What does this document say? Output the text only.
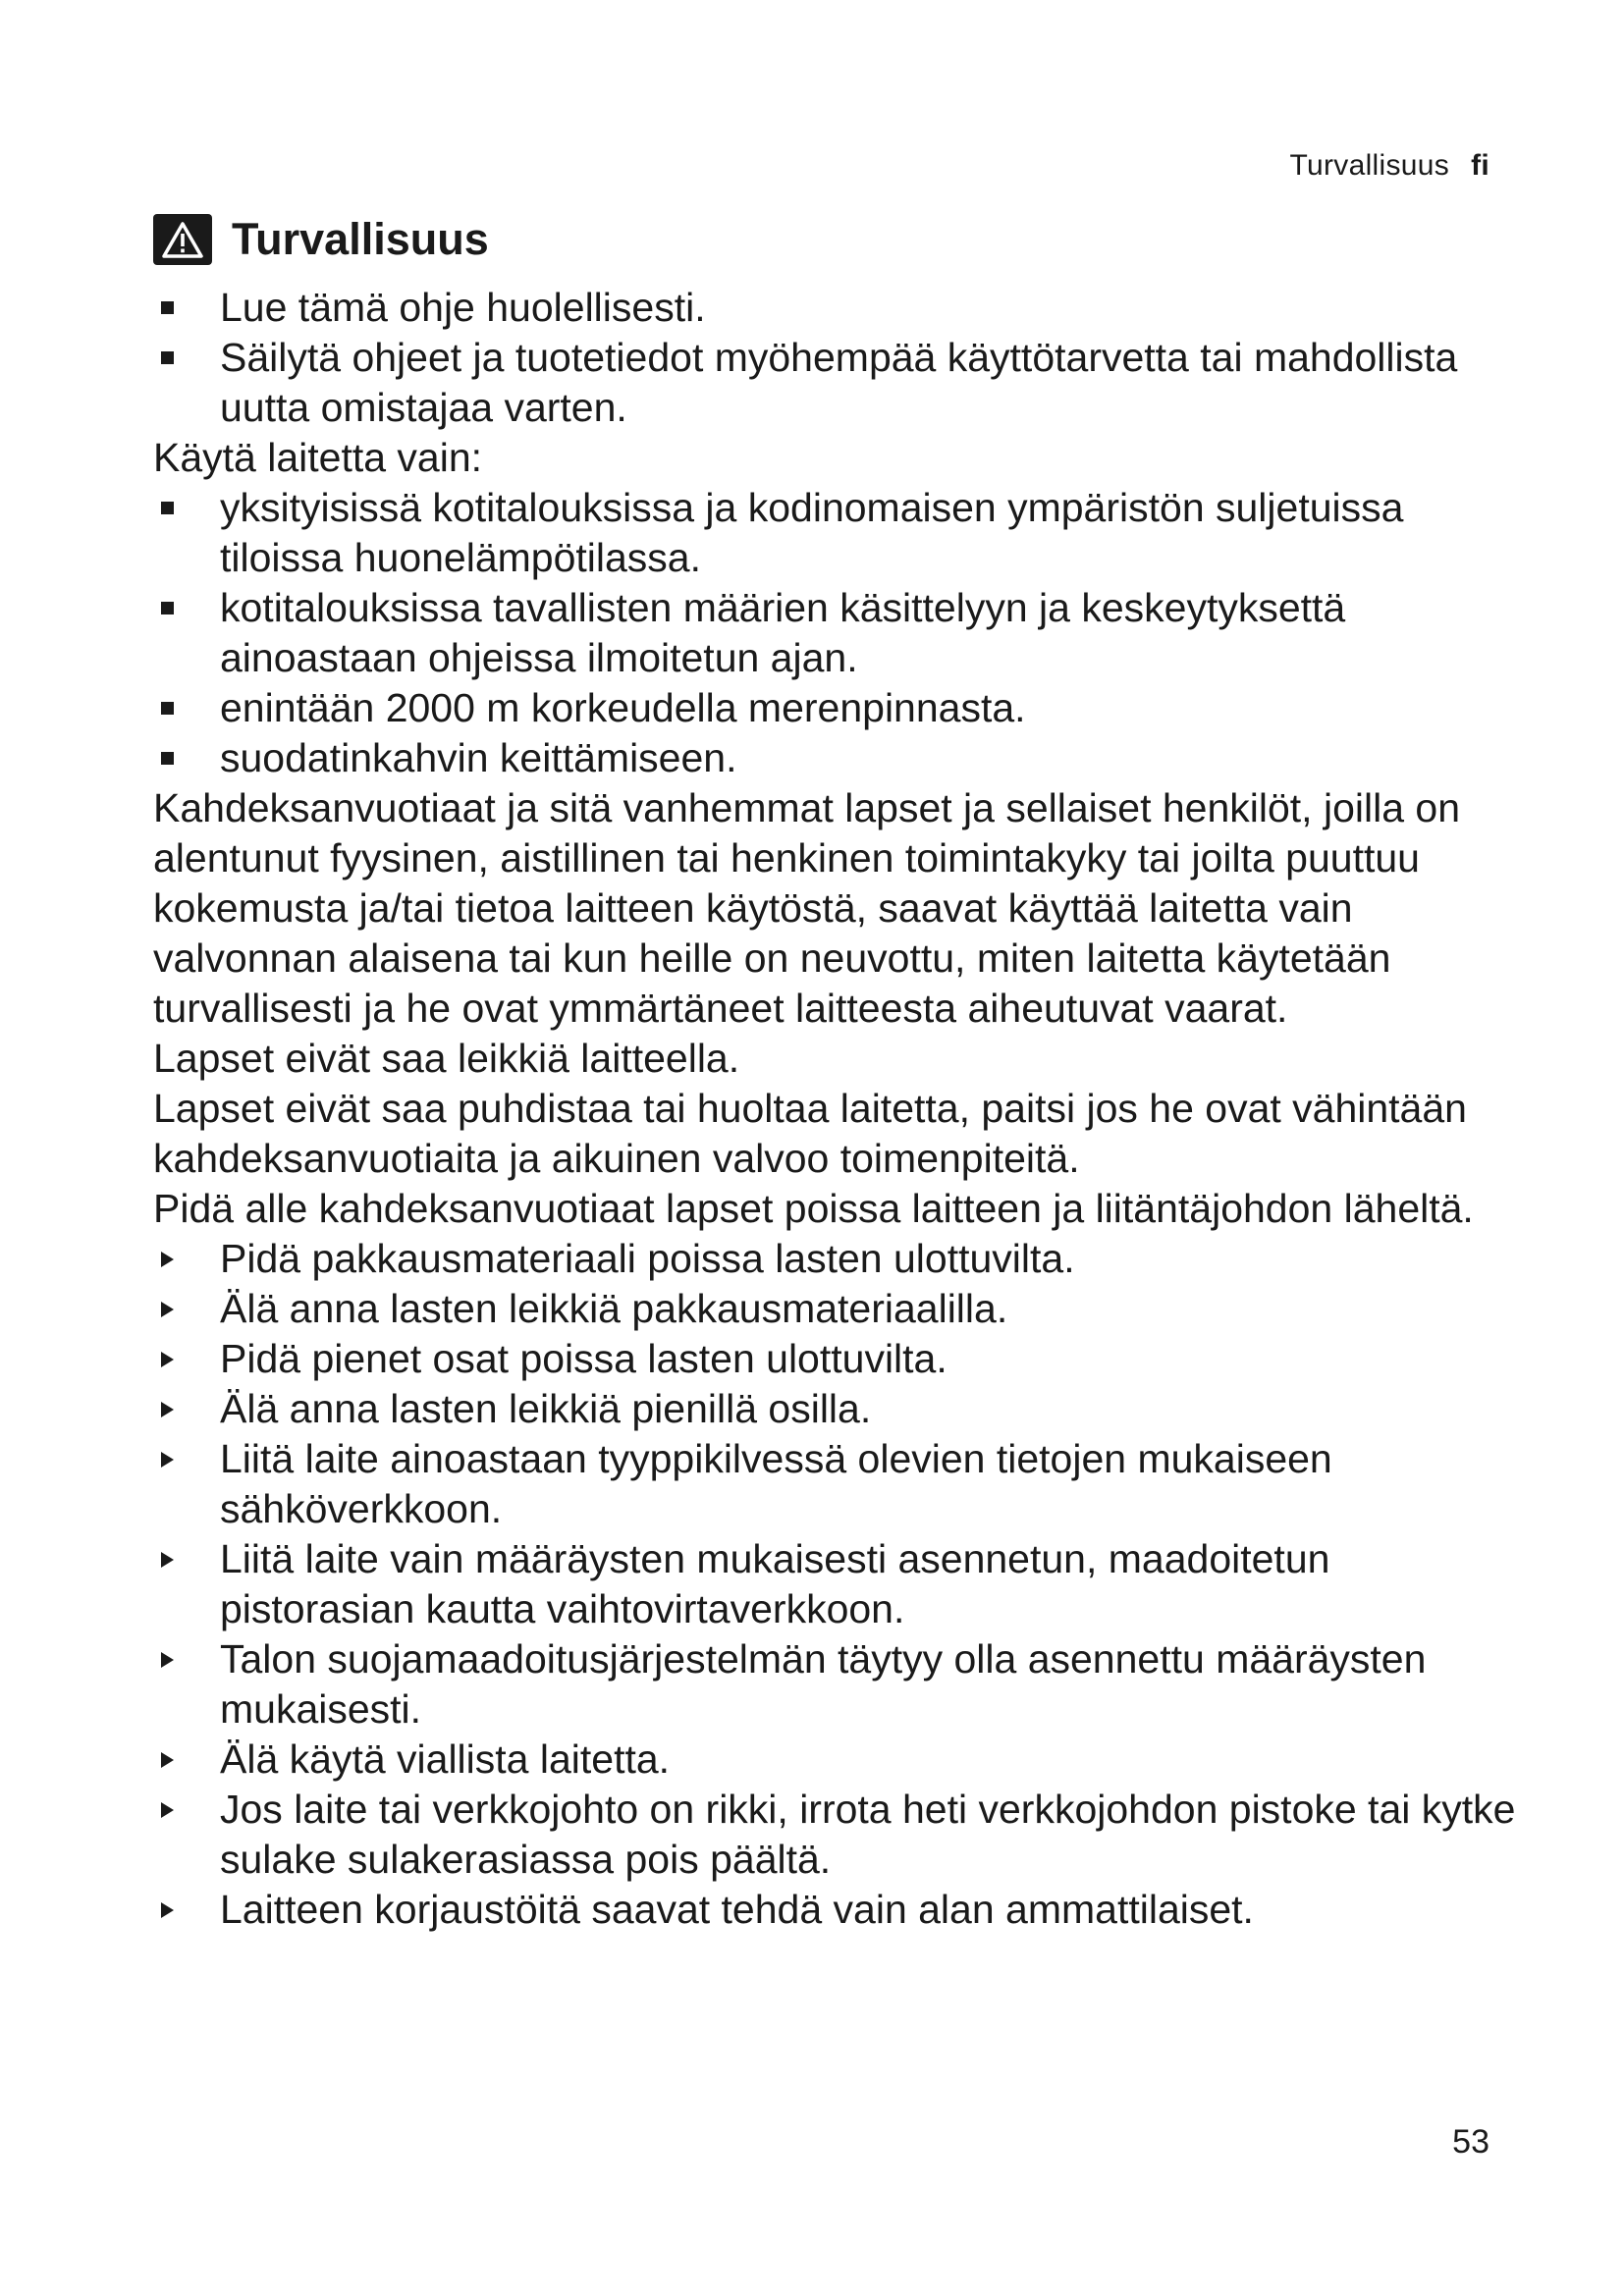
Turvallisuus fi
Turvallisuus
Lue tämä ohje huolellisesti.
Säilytä ohjeet ja tuotetiedot myöhempää käyttötarvetta tai mahdollista uutta omistajaa varten.

Käytä laitetta vain:

yksityisissä kotitalouksissa ja kodinomaisen ympäristön suljetuissa tiloissa huonelämpötilassa.
kotitalouksissa tavallisten määrien käsittelyyn ja keskeytyksettä ainoastaan ohjeissa ilmoitetun ajan.
enintään 2000 m korkeudella merenpinnasta.
suodatinkahvin keittämiseen.

Kahdeksanvuotiaat ja sitä vanhemmat lapset ja sellaiset henkilöt, joilla on alentunut fyysinen, aistillinen tai henkinen toimintakyky tai joilta puuttuu kokemusta ja/tai tietoa laitteen käytöstä, saavat käyttää laitetta vain valvonnan alaisena tai kun heille on neuvottu, miten laitetta käytetään turvallisesti ja he ovat ymmärtäneet laitteesta aiheutuvat vaarat.

Lapset eivät saa leikkiä laitteella.

Lapset eivät saa puhdistaa tai huoltaa laitetta, paitsi jos he ovat vähintään kahdeksanvuotiaita ja aikuinen valvoo toimenpiteitä.

Pidä alle kahdeksanvuotiaat lapset poissa laitteen ja liitäntäjohdon läheltä.

Pidä pakkausmateriaali poissa lasten ulottuvilta.
Älä anna lasten leikkiä pakkausmateriaalilla.
Pidä pienet osat poissa lasten ulottuvilta.
Älä anna lasten leikkiä pienillä osilla.
Liitä laite ainoastaan tyyppikilvessä olevien tietojen mukaiseen sähköverkkoon.
Liitä laite vain määräysten mukaisesti asennetun, maadoitetun pistorasian kautta vaihtovirtaverkkoon.
Talon suojamaadoitusjärjestelmän täytyy olla asennettu määräysten mukaisesti.
Älä käytä viallista laitetta.
Jos laite tai verkkojohto on rikki, irrota heti verkkojohdon pistoke tai kytke sulake sulakerasiassa pois päältä.
Laitteen korjaustöitä saavat tehdä vain alan ammattilaiset.
53
